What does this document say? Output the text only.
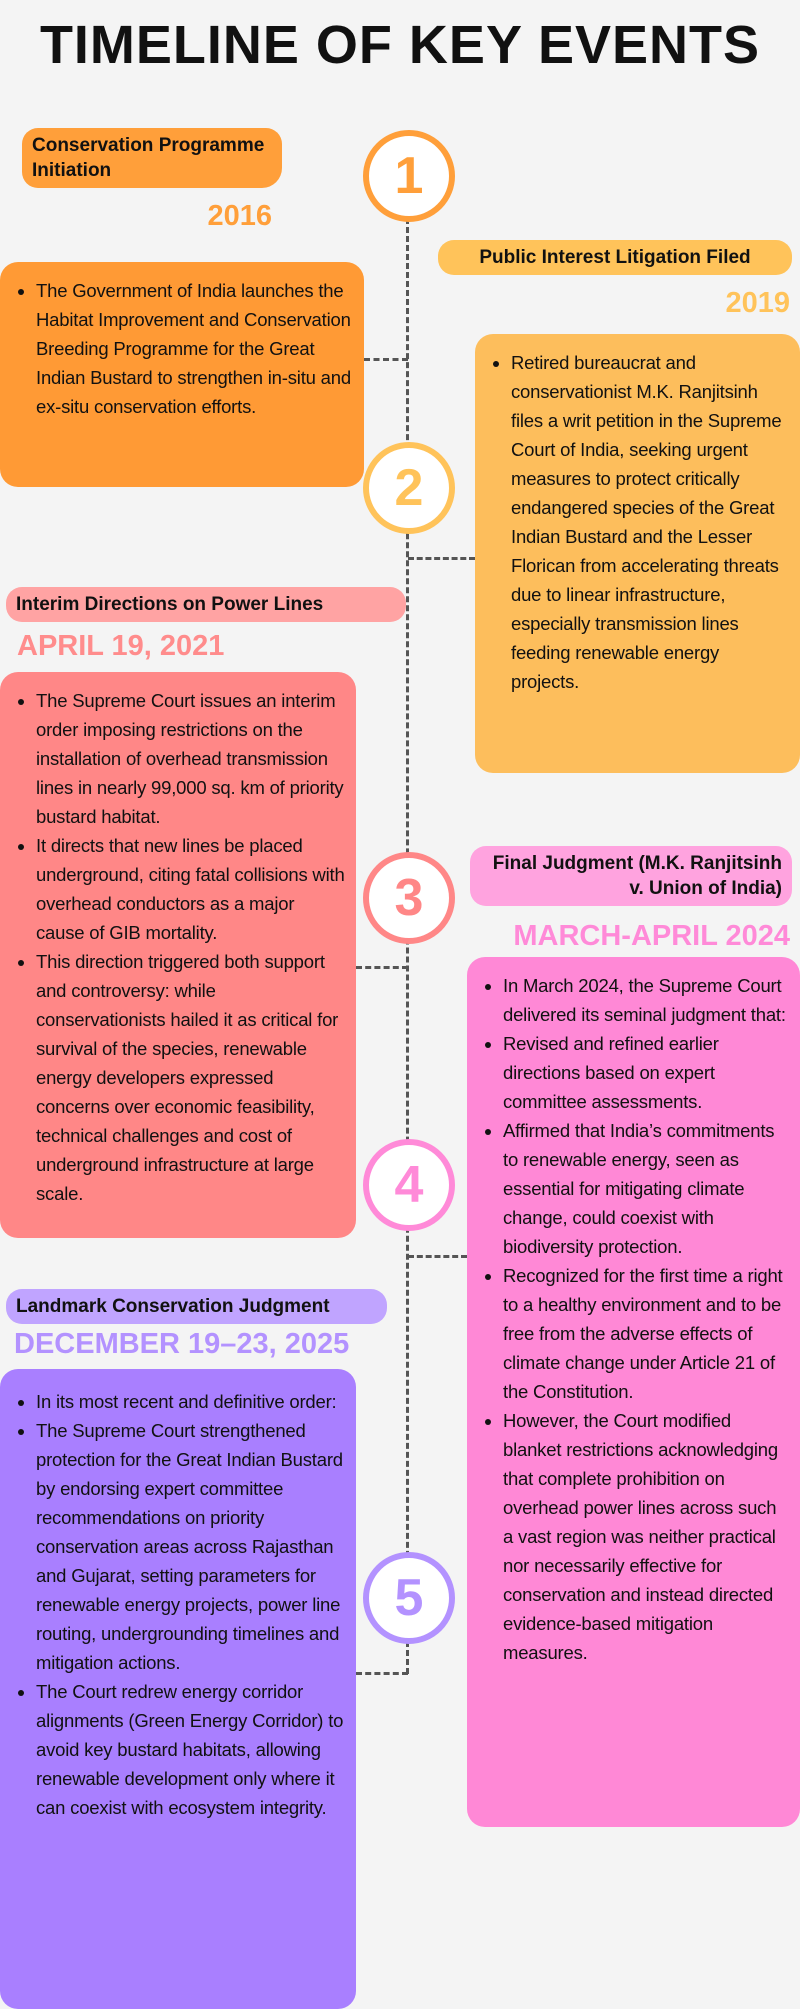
TIMELINE OF KEY EVENTS
Conservation Programme Initiation
2016
1
• The Government of India launches the Habitat Improvement and Conservation Breeding Programme for the Great Indian Bustard to strengthen in-situ and ex-situ conservation efforts.
Public Interest Litigation Filed
2019
2
• Retired bureaucrat and conservationist M.K. Ranjitsinh files a writ petition in the Supreme Court of India, seeking urgent measures to protect critically endangered species of the Great Indian Bustard and the Lesser Florican from accelerating threats due to linear infrastructure, especially transmission lines feeding renewable energy projects.
Interim Directions on Power Lines
APRIL 19, 2021
3
• The Supreme Court issues an interim order imposing restrictions on the installation of overhead transmission lines in nearly 99,000 sq. km of priority bustard habitat.
• It directs that new lines be placed underground, citing fatal collisions with overhead conductors as a major cause of GIB mortality.
• This direction triggered both support and controversy: while conservationists hailed it as critical for survival of the species, renewable energy developers expressed concerns over economic feasibility, technical challenges and cost of underground infrastructure at large scale.
Final Judgment (M.K. Ranjitsinh v. Union of India)
MARCH-APRIL 2024
4
• In March 2024, the Supreme Court delivered its seminal judgment that:
• Revised and refined earlier directions based on expert committee assessments.
• Affirmed that India’s commitments to renewable energy, seen as essential for mitigating climate change, could coexist with biodiversity protection.
• Recognized for the first time a right to a healthy environment and to be free from the adverse effects of climate change under Article 21 of the Constitution.
• However, the Court modified blanket restrictions acknowledging that complete prohibition on overhead power lines across such a vast region was neither practical nor necessarily effective for conservation and instead directed evidence-based mitigation measures.
Landmark Conservation Judgment
DECEMBER 19–23, 2025
5
• In its most recent and definitive order:
• The Supreme Court strengthened protection for the Great Indian Bustard by endorsing expert committee recommendations on priority conservation areas across Rajasthan and Gujarat, setting parameters for renewable energy projects, power line routing, undergrounding timelines and mitigation actions.
• The Court redrew energy corridor alignments (Green Energy Corridor) to avoid key bustard habitats, allowing renewable development only where it can coexist with ecosystem integrity.
